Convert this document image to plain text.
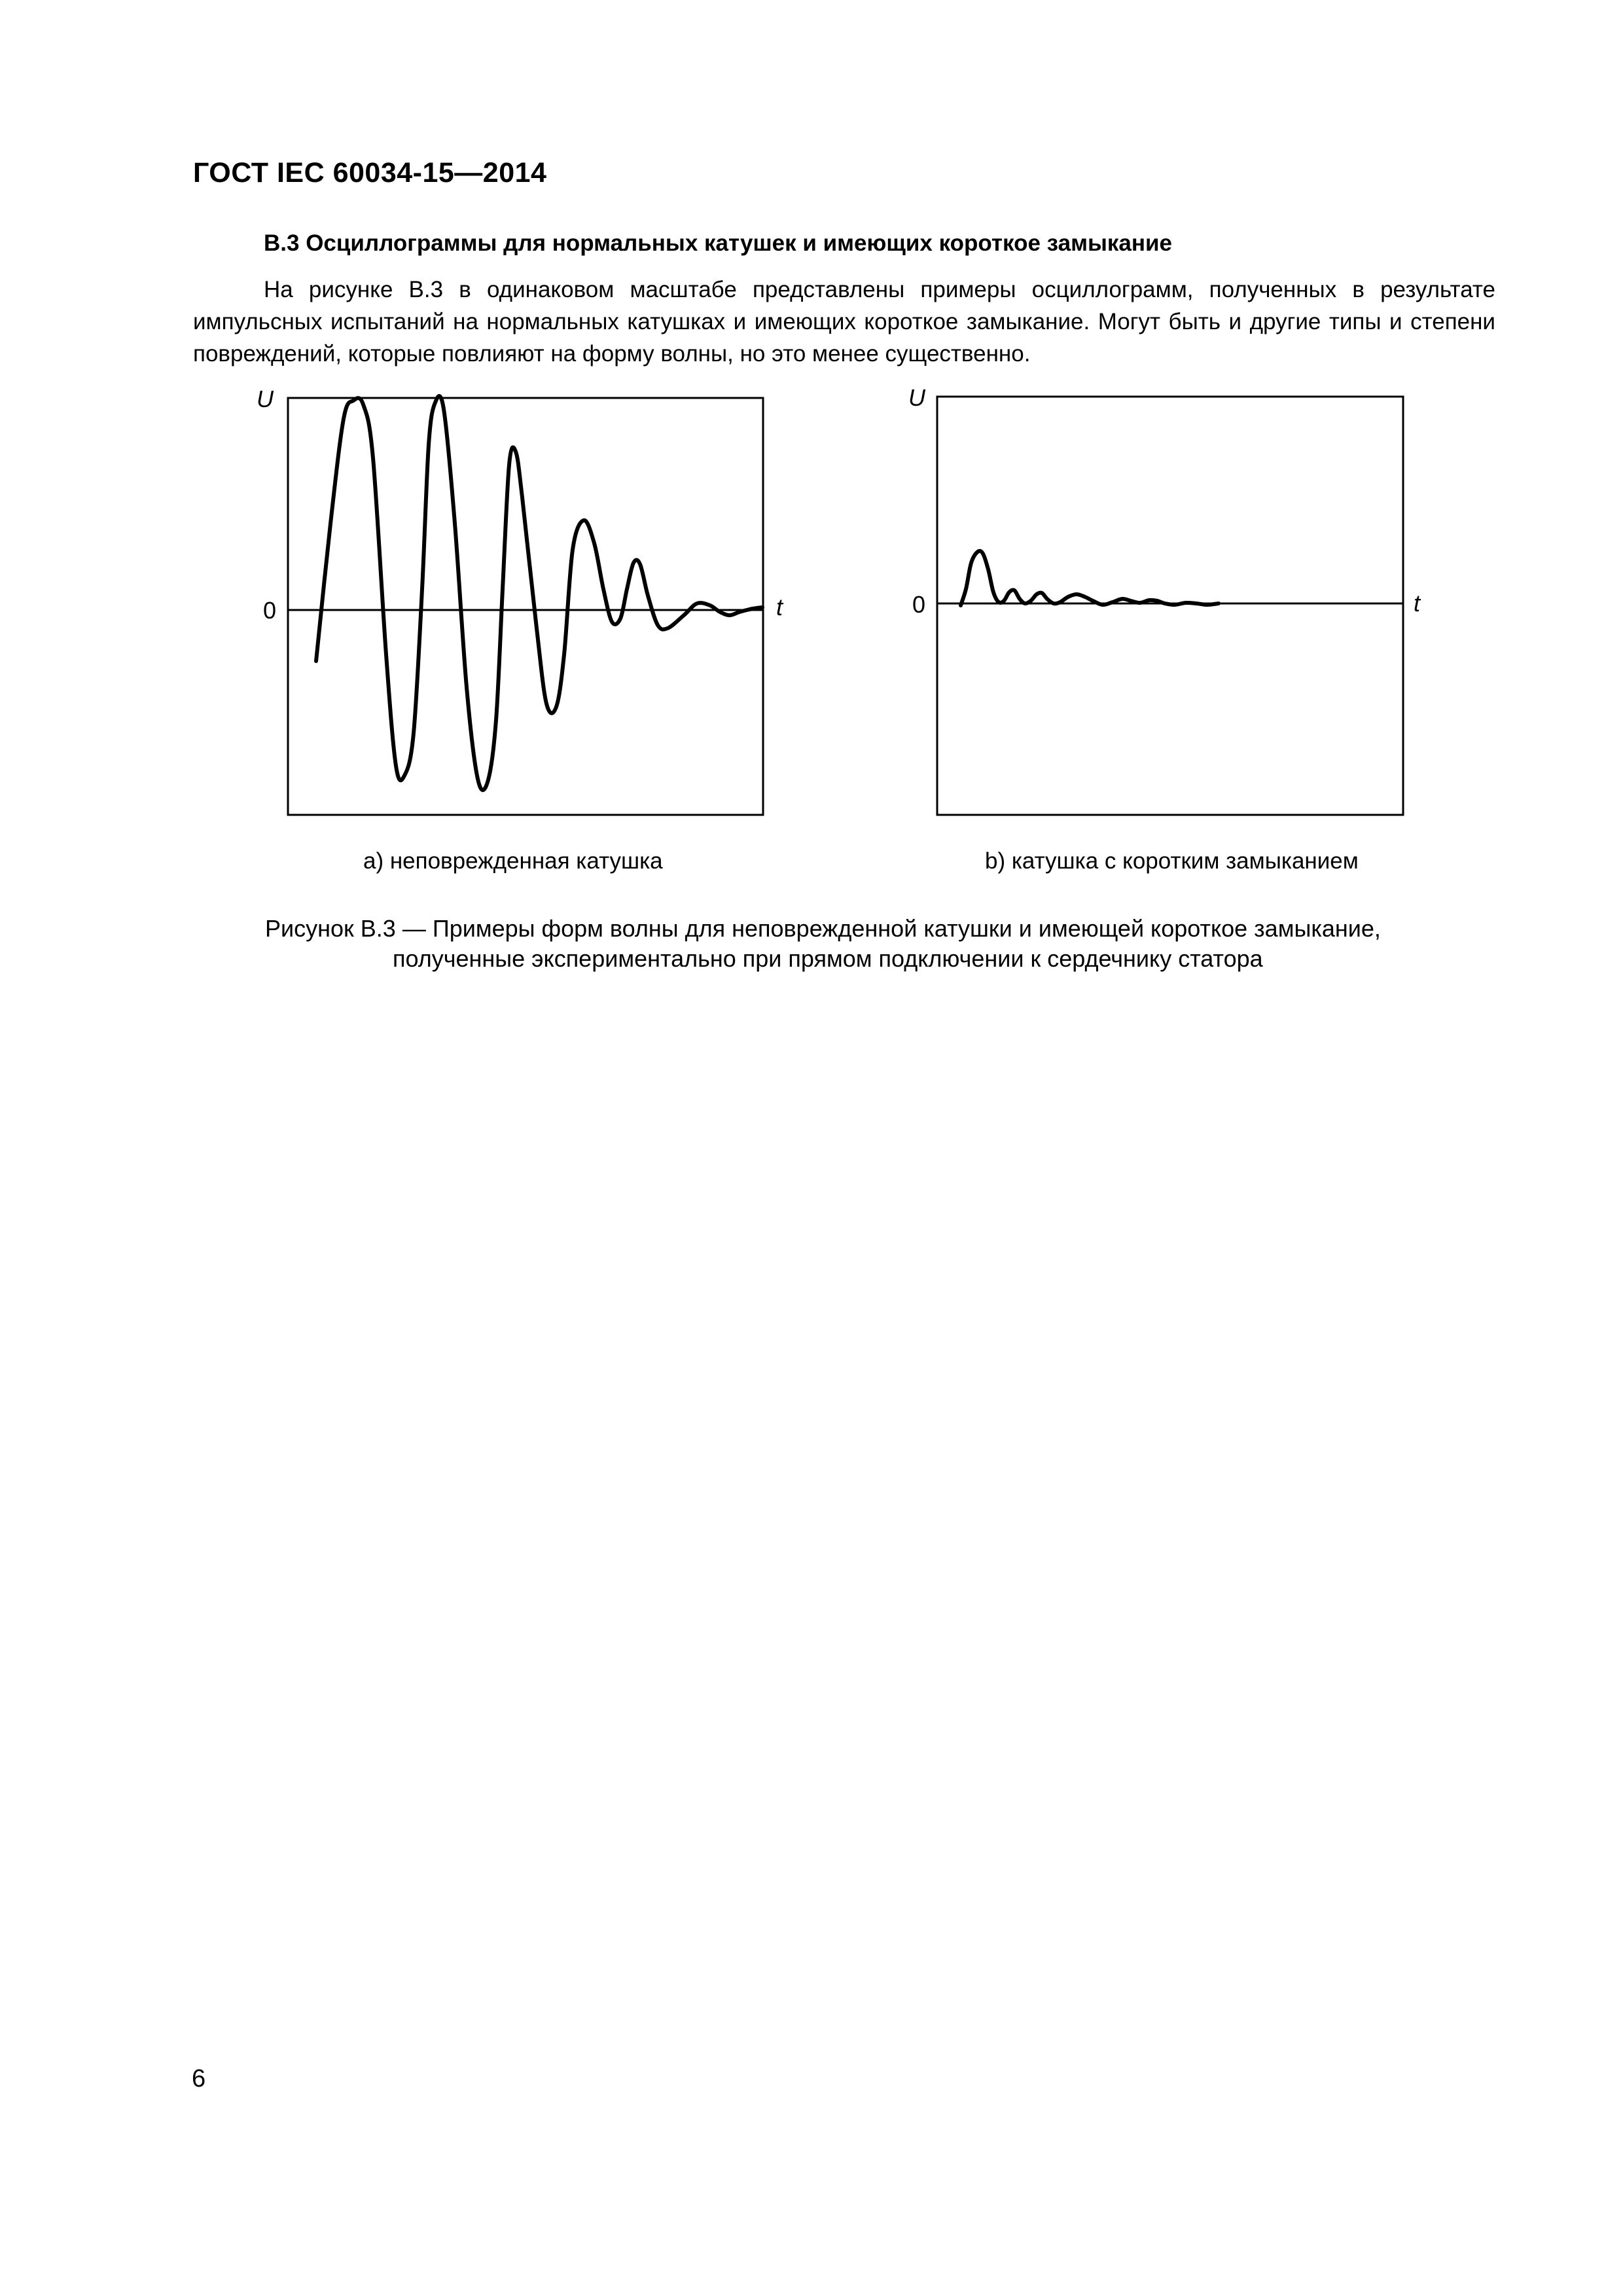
ГОСТ IEC 60034-15—2014
B.3 Осциллограммы для нормальных катушек и имеющих короткое замыкание
На рисунке В.3 в одинаковом масштабе представлены примеры осциллограмм, полученных в результате импульсных испытаний на нормальных катушках и имеющих короткое замыкание. Могут быть и другие типы и степени повреждений, которые повлияют на форму волны, но это менее существенно.
U
0	t
U
0	t
a) неповрежденная катушка	b) катушка с коротким замыканием
Рисунок В.3 — Примеры форм волны для неповрежденной катушки и имеющей короткое замыкание,
полученные экспериментально при прямом подключении к сердечнику статора
6
